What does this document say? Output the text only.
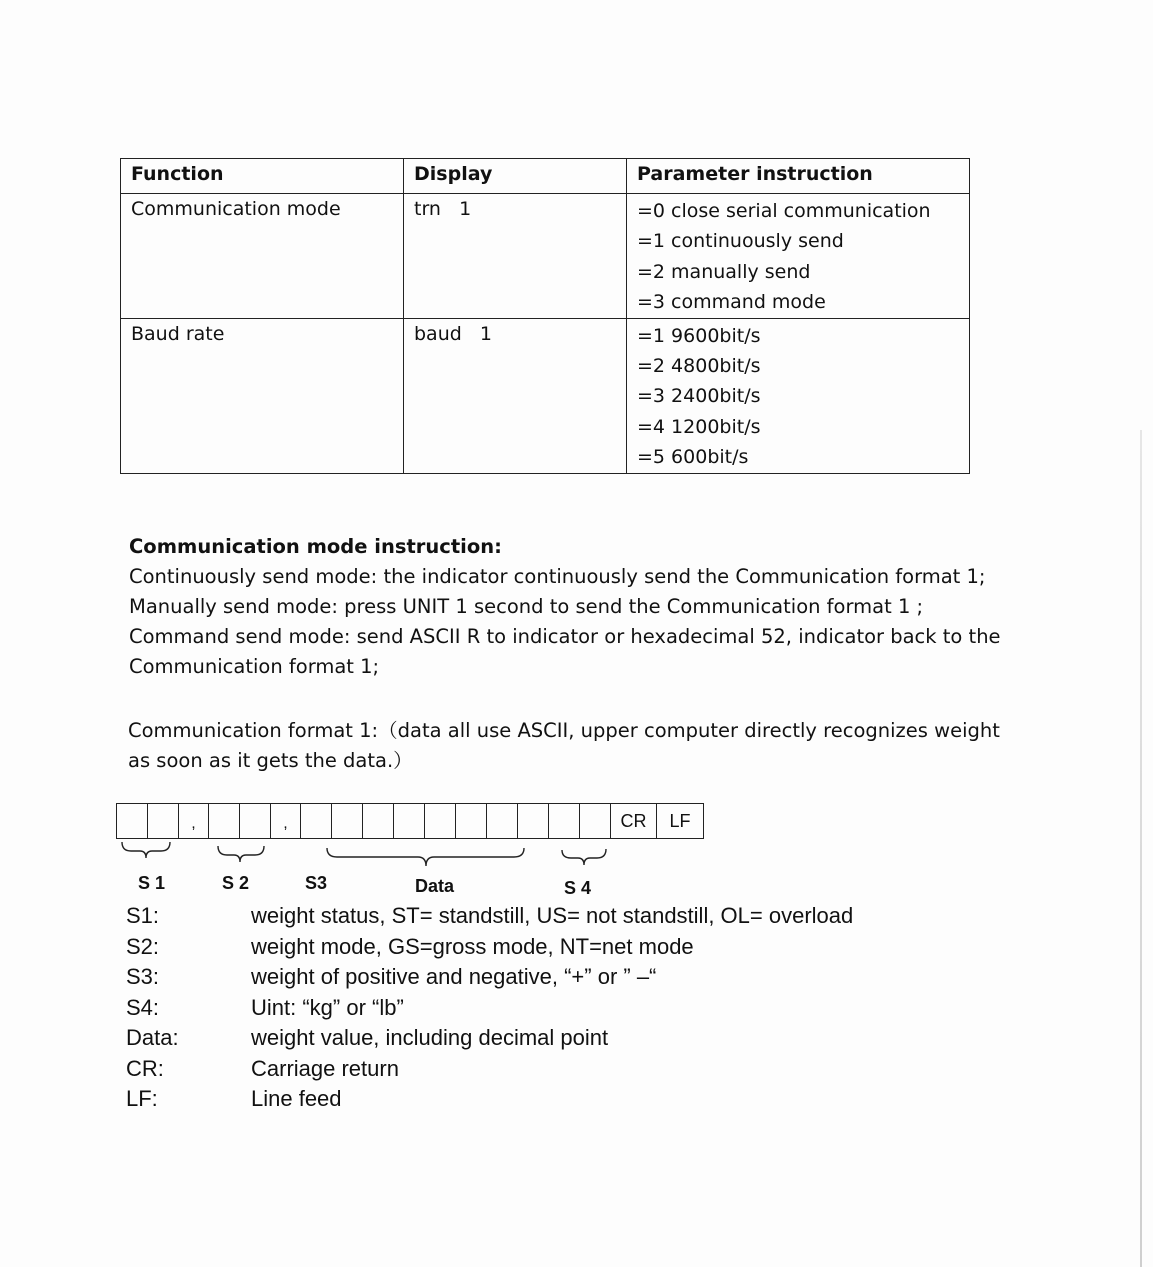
Function	Display	Parameter instruction
Communication mode	trn   1	=0 close serial communication
=1 continuously send
=2 manually send
=3 command mode

Baud rate	baud   1	=1 9600bit/s
=2 4800bit/s
=3 2400bit/s
=4 1200bit/s
=5 600bit/s
Communication mode instruction:
Continuously send mode: the indicator continuously send the Communication format 1;
Manually send mode: press UNIT 1 second to send the Communication format 1 ;
Command send mode: send ASCII R to indicator or hexadecimal 52, indicator back to the
Communication format 1;
Communication format 1:（data all use ASCII, upper computer directly recognizes weight
as soon as it gets the data.）
,	,	CR	LF
S 1	S 2	S3	Data	S 4
S1:	weight status, ST= standstill, US= not standstill, OL= overload
S2:	weight mode, GS=gross mode, NT=net mode
S3:	weight of positive and negative, “+” or ” –“
S4:	Uint: “kg” or “lb”
Data:	weight value, including decimal point
CR:	Carriage return
LF:	Line feed
